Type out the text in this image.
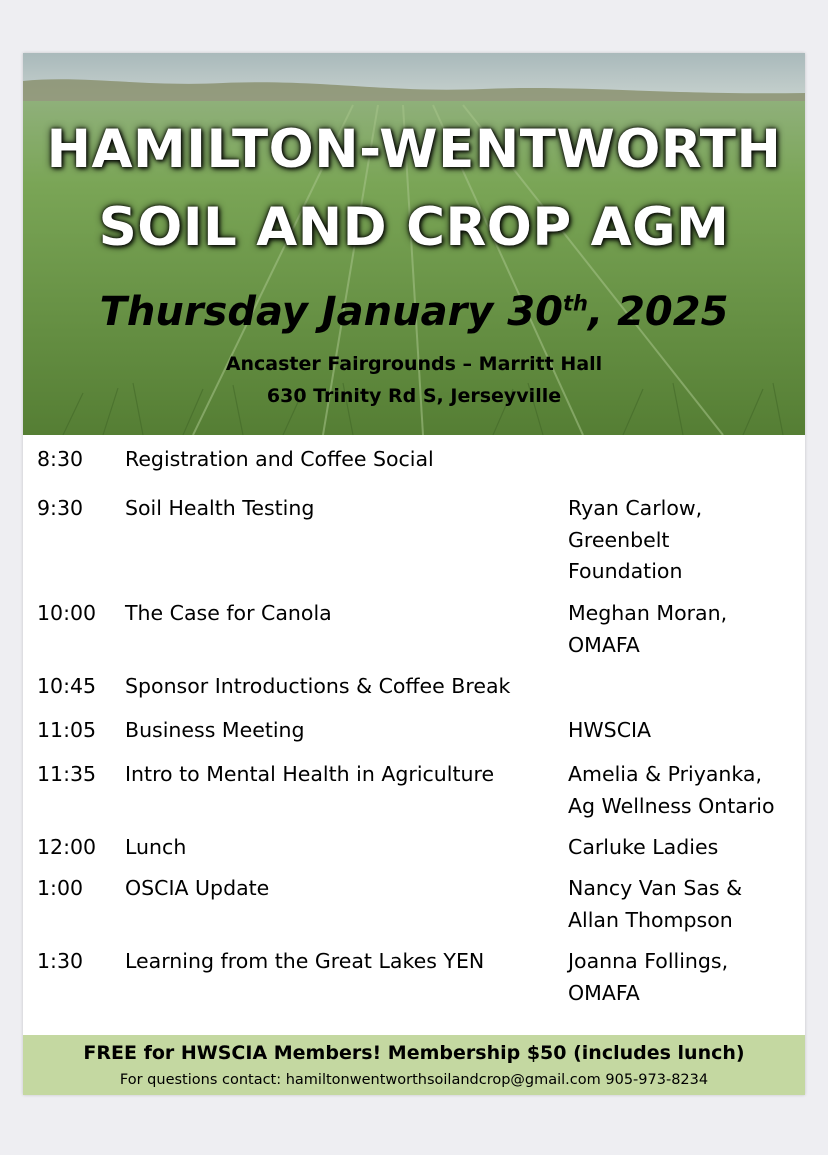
HAMILTON-WENTWORTH
SOIL AND CROP AGM
Thursday January 30th, 2025
Ancaster Fairgrounds – Marritt Hall
630 Trinity Rd S, Jerseyville
8:30 Registration and Coffee Social
9:30 Soil Health Testing	Ryan Carlow,
Greenbelt
Foundation
10:00 The Case for Canola	Meghan Moran,
OMAFA
10:45 Sponsor Introductions & Coffee Break
11:05 Business Meeting	HWSCIA
11:35 Intro to Mental Health in Agriculture	Amelia & Priyanka,
Ag Wellness Ontario
12:00 Lunch	Carluke Ladies
1:00 OSCIA Update	Nancy Van Sas &
Allan Thompson
1:30 Learning from the Great Lakes YEN	Joanna Follings,
OMAFA
FREE for HWSCIA Members! Membership $50 (includes lunch)
For questions contact: hamiltonwentworthsoilandcrop@gmail.com 905-973-8234
